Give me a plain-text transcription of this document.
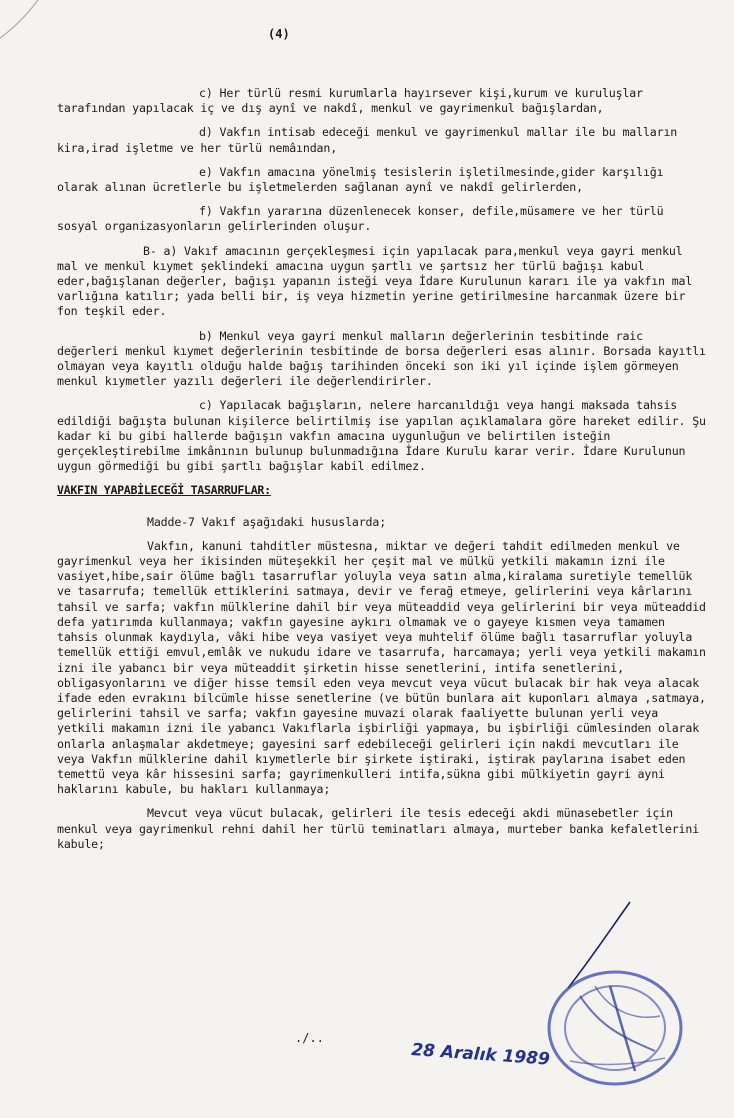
(4)
c) Her türlü resmi kurumlarla hayırsever kişi,kurum ve kuruluşlar tarafından yapılacak iç ve dış aynî ve nakdî, menkul ve gayrimenkul bağışlardan,
d) Vakfın intisab edeceği menkul ve gayrimenkul mallar ile bu malların kira,irad işletme ve her türlü nemâından,
e) Vakfın amacına yönelmiş tesislerin işletilmesinde,gider karşılığı olarak alınan ücretlerle bu işletmelerden sağlanan aynî ve nakdî gelirlerden,
f) Vakfın yararına düzenlenecek konser, defile,müsamere ve her türlü sosyal organizasyonların gelirlerinden oluşur.
B- a) Vakıf amacının gerçekleşmesi için yapılacak para,menkul veya gayri menkul mal ve menkul kıymet şeklindeki amacına uygun şartlı ve şartsız her türlü bağışı kabul eder,bağışlanan değerler, bağışı yapanın isteği veya İdare Kurulunun kararı ile ya vakfın mal varlığına katılır; yada belli bir, iş veya hizmetin yerine getirilmesine harcanmak üzere bir fon teşkil eder.
b) Menkul veya gayri menkul malların değerlerinin tesbitinde raic değerleri menkul kıymet değerlerinin tesbitinde de borsa değerleri esas alınır. Borsada kayıtlı olmayan veya kayıtlı olduğu halde bağış tarihinden önceki son iki yıl içinde işlem görmeyen menkul kıymetler yazılı değerleri ile değerlendirirler.
c) Yapılacak bağışların, nelere harcanıldığı veya hangi maksada tahsis edildiği bağışta bulunan kişilerce belirtilmiş ise yapılan açıklamalara göre hareket edilir. Şu kadar ki bu gibi hallerde bağışın vakfın amacına uygunluğun ve belirtilen isteğin gerçekleştirebilme imkânının bulunup bulunmadığına İdare Kurulu karar verir. İdare Kurulunun uygun görmediği bu gibi şartlı bağışlar kabil edilmez.
VAKFIN YAPABİLECEĞİ TASARRUFLAR:
Madde-7 Vakıf aşağıdaki hususlarda;
Vakfın, kanuni tahditler müstesna, miktar ve değeri tahdit edilmeden menkul ve gayrimenkul veya her ikisinden müteşekkil her çeşit mal ve mülkü yetkili makamın izni ile vasiyet,hibe,sair ölüme bağlı tasarruflar yoluyla veya satın alma,kiralama suretiyle temellük ve tasarrufa; temellük ettiklerini satmaya, devir ve ferağ etmeye, gelirlerini veya kârlarını tahsil ve sarfa; vakfın mülklerine dahil bir veya müteaddid veya gelirlerini bir veya müteaddid defa yatırımda kullanmaya; vakfın gayesine aykırı olmamak ve o gayeye kısmen veya tamamen tahsis olunmak kaydıyla, vâki hibe veya vasiyet veya muhtelif ölüme bağlı tasarruflar yoluyla temellük ettiği emvul,emlâk ve nukudu idare ve tasarrufa, harcamaya; yerli veya yetkili makamın izni ile yabancı bir veya müteaddit şirketin hisse senetlerini, intifa senetlerini, obligasyonlarını ve diğer hisse temsil eden veya mevcut veya vücut bulacak bir hak veya alacak ifade eden evrakını bilcümle hisse senetlerine (ve bütün bunlara ait kuponları almaya ,satmaya, gelirlerini tahsil ve sarfa; vakfın gayesine muvazi olarak faaliyette bulunan yerli veya yetkili makamın izni ile yabancı Vakıflarla işbirliği yapmaya, bu işbirliği cümlesinden olarak onlarla anlaşmalar akdetmeye; gayesini sarf edebileceği gelirleri için nakdi mevcutları ile veya Vakfın mülklerine dahil kıymetlerle bir şirkete iştiraki, iştirak paylarına isabet eden temettü veya kâr hissesini sarfa; gayrimenkulleri intifa,sükna gibi mülkiyetin gayri ayni haklarını kabule, bu hakları kullanmaya;
Mevcut veya vücut bulacak, gelirleri ile tesis edeceği akdi münasebetler için menkul veya gayrimenkul rehni dahil her türlü teminatları almaya, murteber banka kefaletlerini kabule;
./..
28 Aralık 1989
